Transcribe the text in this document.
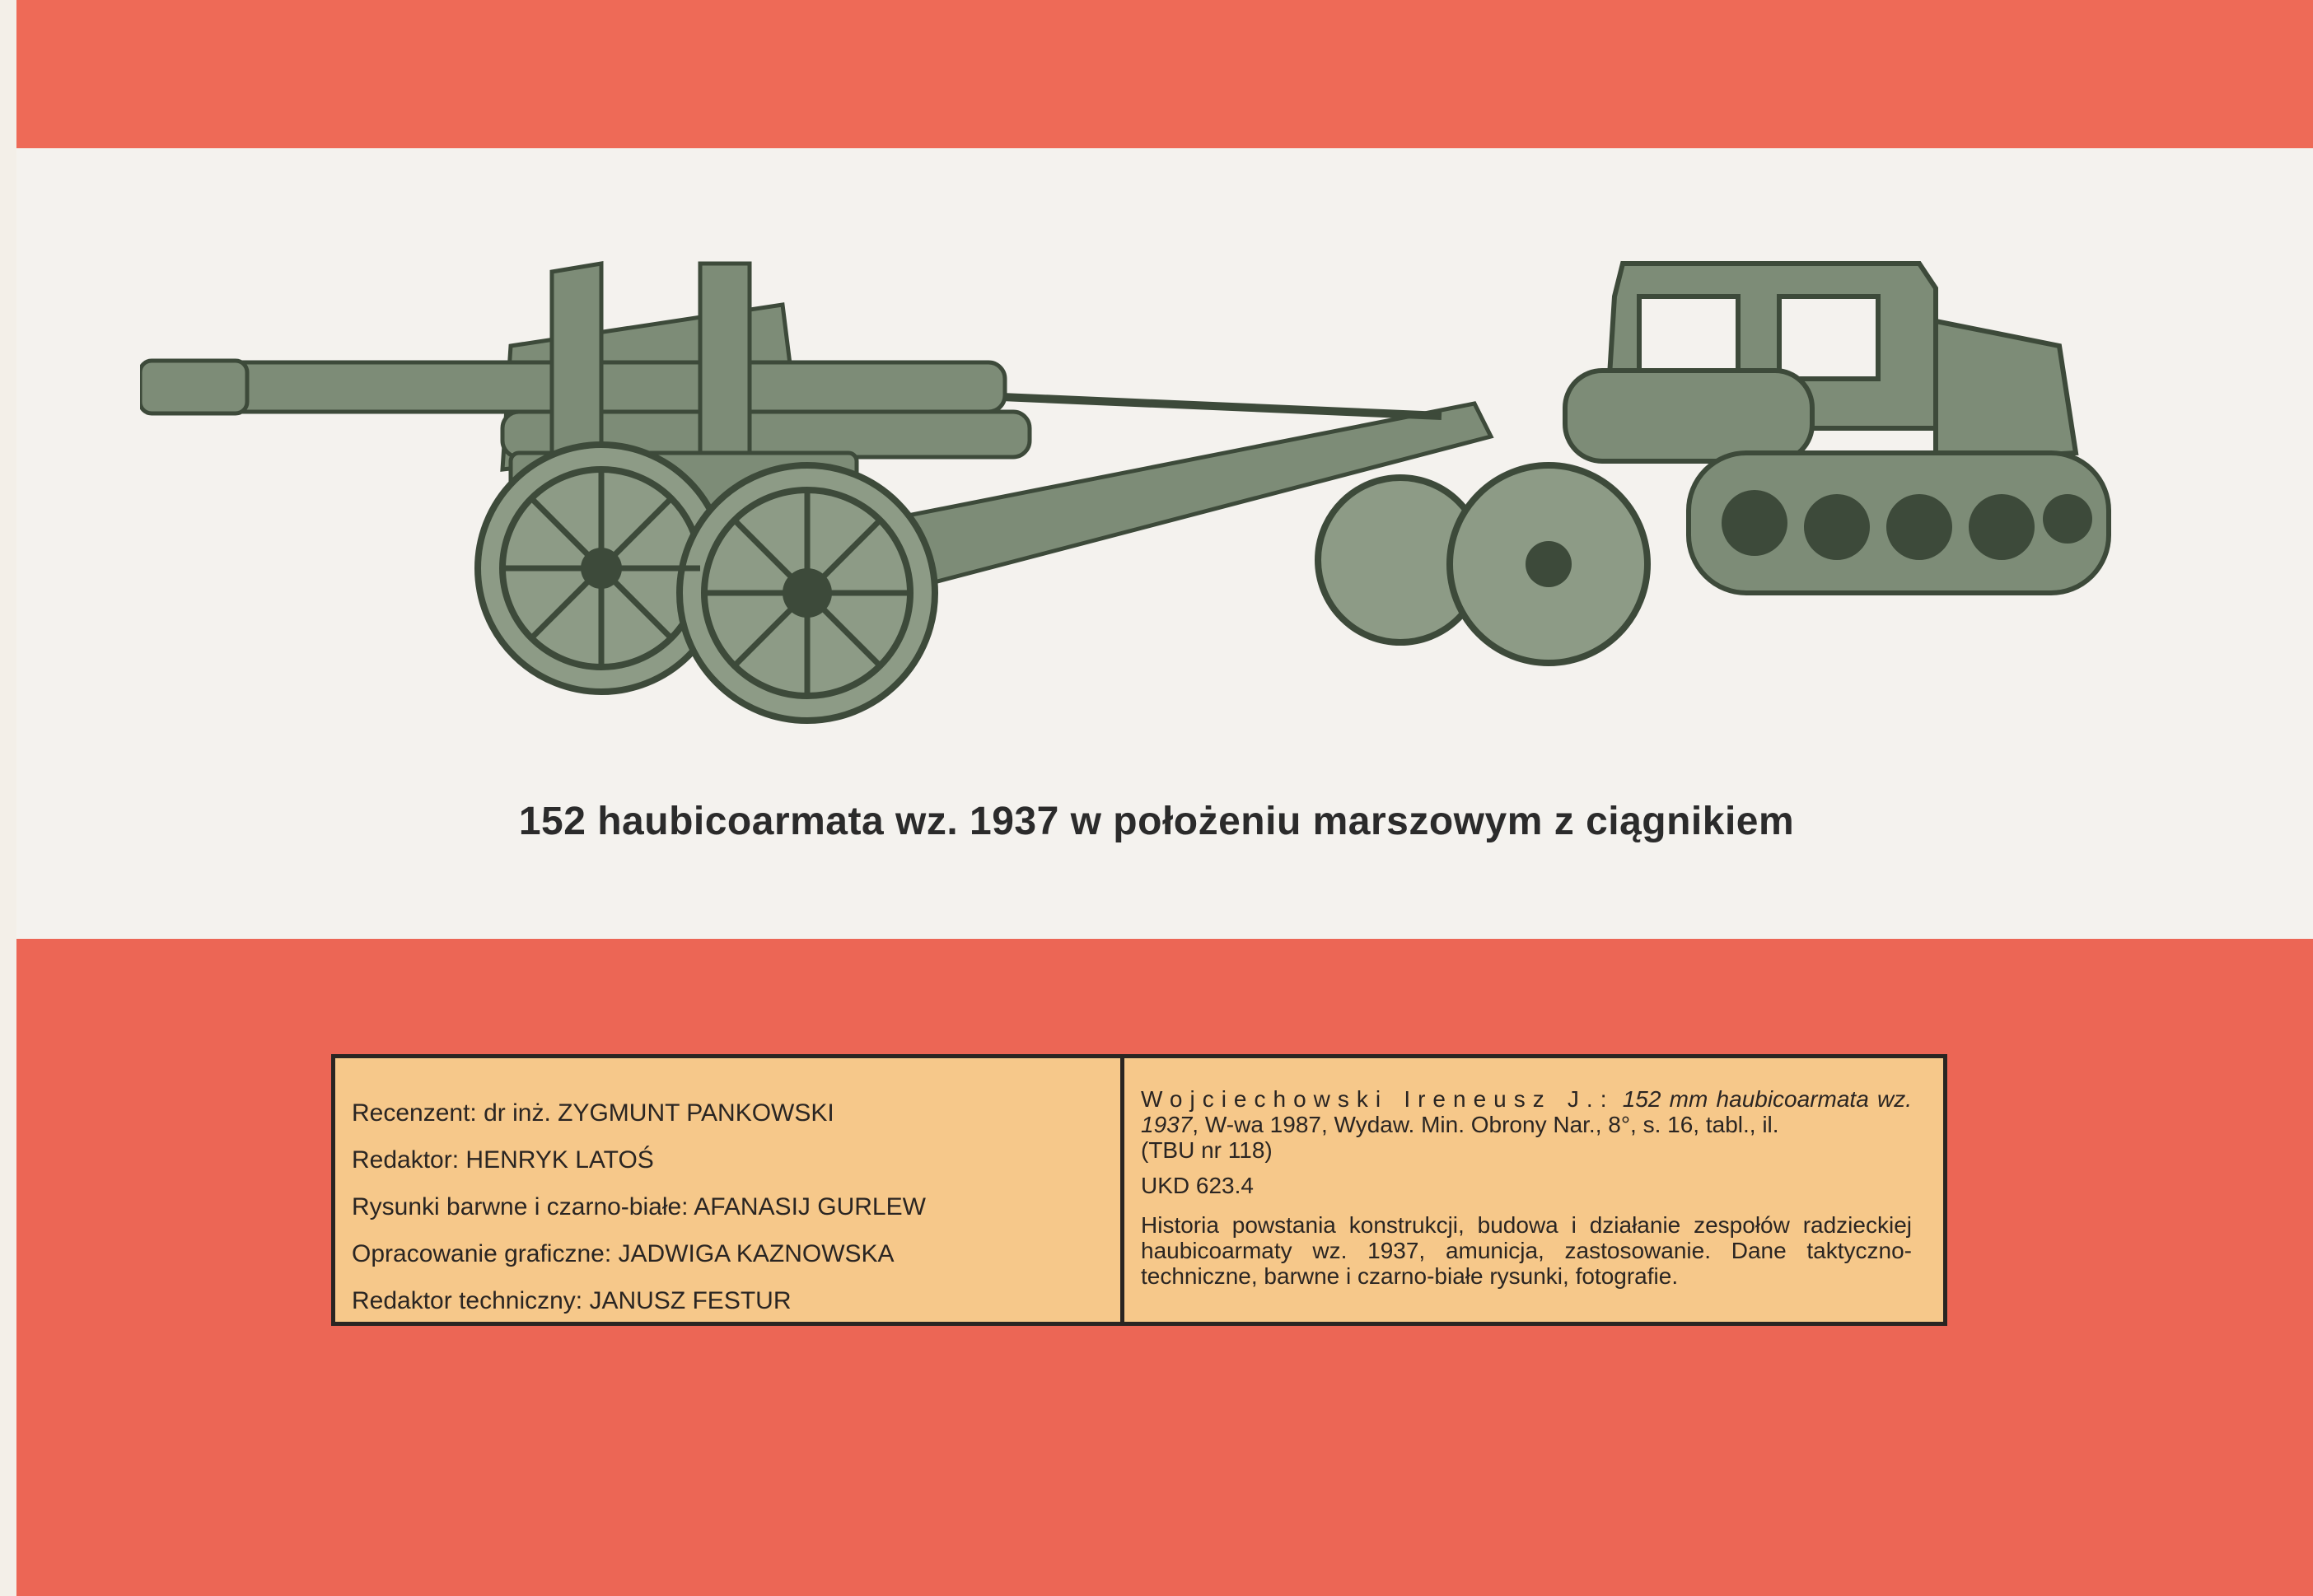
152 haubicoarmata wz. 1937 w położeniu marszowym z ciągnikiem
Recenzent: dr inż. ZYGMUNT PANKOWSKI
Redaktor: HENRYK LATOŚ
Rysunki barwne i czarno-białe: AFANASIJ GURLEW
Opracowanie graficzne: JADWIGA KAZNOWSKA
Redaktor techniczny: JANUSZ FESTUR
Wojciechowski Ireneusz J.: 152 mm haubicoarmata wz. 1937, W-wa 1987, Wydaw. Min. Obrony Nar., 8°, s. 16, tabl., il.
(TBU nr 118)
UKD 623.4
Historia powstania konstrukcji, budowa i działanie zespołów radzieckiej haubicoarmaty wz. 1937, amunicja, zastosowanie. Dane taktyczno-techniczne, barwne i czarno-białe rysunki, fotografie.
